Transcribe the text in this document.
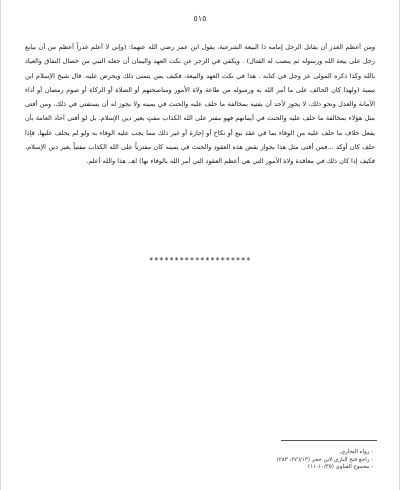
٥١٥

ومن أعظم الغدر أن يقاتل الرجل إمامه ذا البيعة الشرعية، يقول ابن عمر رضي الله عنهما: (وإني لا أعلم غدراً أعظم من أن يبايع رجل على بيعة الله ورسوله ثم ينصب له القتال) . ويكفي في الزجر عن نكث العهد واليمان أن جعله النبي من خصال النفاق والعياذ بالله وكذا ذكره المولى عز وجل في كتابه . هذا في نكث العهد والبيعة، فكيف بمن يتمنى ذلك ويحرض عليه. قال شيخ الإسلام ابن تيمية (ولهذا كان الحالف على ما أمر الله به ورسوله من طاعة ولاة الأمور ومناصحتهم أو الصلاة أو الزكاة أو صوم رمضان أو أداء الأمانة والعدل ونحو ذلك، لا يجوز لأحد أن يفتيه بمخالفة ما حلف عليه والحنث في يمينه ولا يجوز له أن يستفتي في ذلك، ومن أفتى مثل هؤلاء بمخالفة ما حلف عليه والحنث في أيمانهم فهو مفتر على الله الكذاب مفتٍ بغير دين الإسلام. بل لو أفتى آحاد العامة بأن يفعل خلاف ما حلف عليه من الوفاء بما في عقد بيع أو نكاح أو إجارة أو غير ذلك مما يجب عليه الوفاء به ولو لم يحلف عليها، فإذا حلف كان أوكد ...فمن أفتى مثل هذا بجواز نقض هذه العقود والحنث في يمينه كان مفترياً على الله الكذاب مفتياً بغير دين الإسلام، فكيف إذا كان ذلك في معاقدة ولاة الأمور التي هي أعظم العقود التي أمر الله بالوفاء بها) اهـ. هذا والله أعلم.

********************
- رواه البخاري.
- راجع فتح الباري لابن حجر (٢٧٦/١٣، ٢٨٣)
- مجموع الفتاوى (١٠/٣٥-١١)
